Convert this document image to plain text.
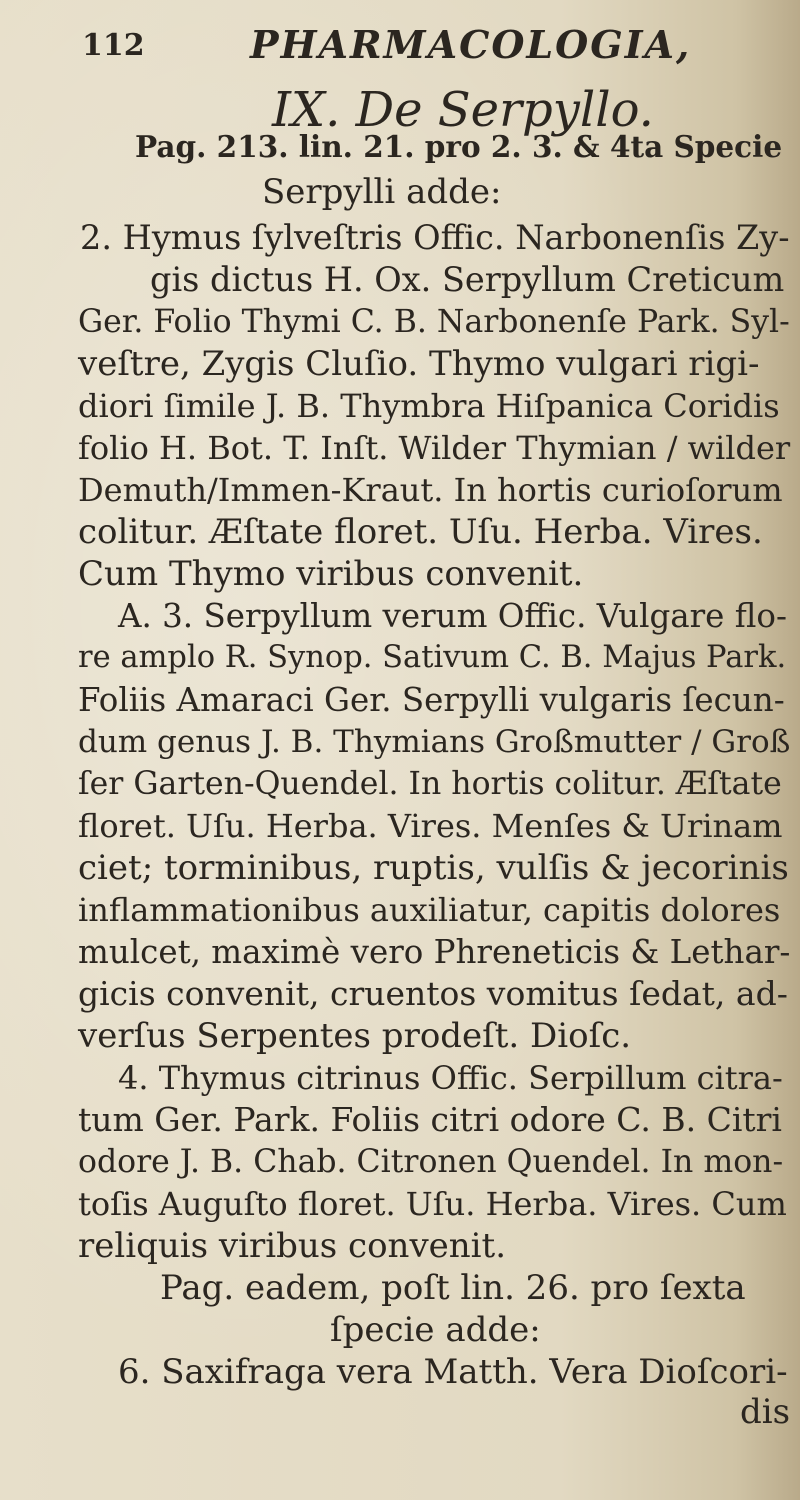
112	PHARMACOLOGIA,
IX. De Serpyllo.
Pag. 213. lin. 21. pro 2. 3. & 4ta Specie
Serpylli adde:
2. Hymus ſylveſtris Offic. Narbonenſis Zy-
gis dictus H. Ox. Serpyllum Creticum
Ger. Folio Thymi C. B. Narbonenſe Park. Syl-
veſtre, Zygis Cluſio. Thymo vulgari rigi-
diori ſimile J. B. Thymbra Hiſpanica Coridis
folio H. Bot. T. Inſt. Wilder Thymian / wilder
Demuth/Immen-Kraut. In hortis curioſorum
colitur. Æſtate floret. Uſu. Herba. Vires.
Cum Thymo viribus convenit.
A. 3. Serpyllum verum Offic. Vulgare flo-
re amplo R. Synop. Sativum C. B. Majus Park.
Foliis Amaraci Ger. Serpylli vulgaris ſecun-
dum genus J. B. Thymians Großmutter / Groß
ſer Garten-Quendel. In hortis colitur. Æſtate
floret. Uſu. Herba. Vires. Menſes & Urinam
ciet; torminibus, ruptis, vulſis & jecorinis
inflammationibus auxiliatur, capitis dolores
mulcet, maximè vero Phreneticis & Lethar-
gicis convenit, cruentos vomitus ſedat, ad-
verſus Serpentes prodeſt. Dioſc.
4. Thymus citrinus Offic. Serpillum citra-
tum Ger. Park. Foliis citri odore C. B. Citri
odore J. B. Chab. Citronen Quendel. In mon-
toſis Auguſto floret. Uſu. Herba. Vires. Cum
reliquis viribus convenit.
Pag. eadem, poſt lin. 26. pro ſexta
ſpecie adde:
6. Saxifraga vera Matth. Vera Dioſcori-
dis
